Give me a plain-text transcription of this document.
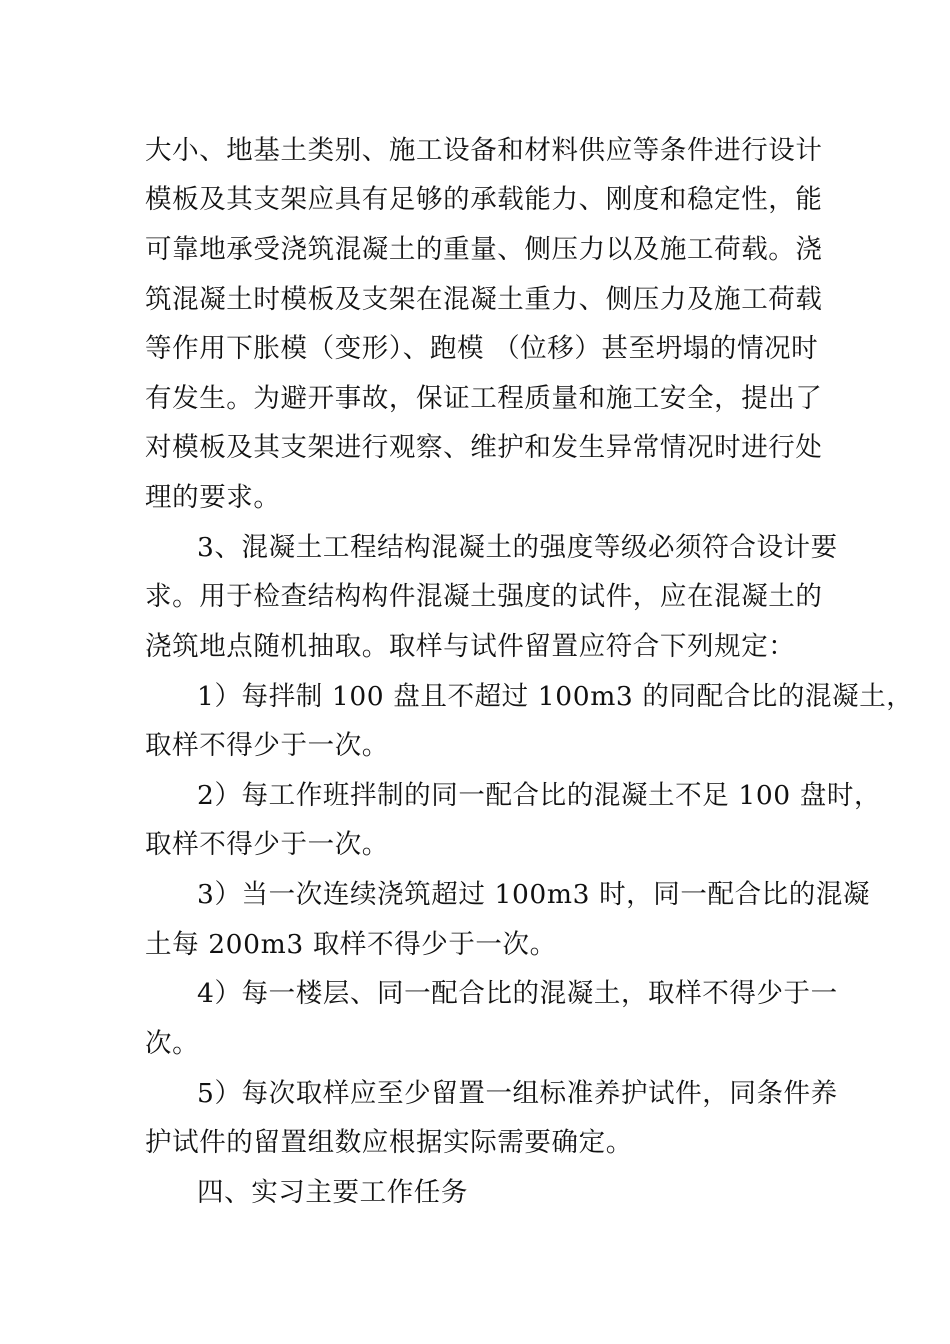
大小、地基土类别、施工设备和材料供应等条件进行设计
模板及其支架应具有足够的承载能力、刚度和稳定性，能
可靠地承受浇筑混凝土的重量、侧压力以及施工荷载。浇
筑混凝土时模板及支架在混凝土重力、侧压力及施工荷载
等作用下胀模（变形）、跑模 （位移）甚至坍塌的情况时
有发生。为避开事故，保证工程质量和施工安全，提出了
对模板及其支架进行观察、维护和发生异常情况时进行处
理的要求。
3、混凝土工程结构混凝土的强度等级必须符合设计要
求。用于检查结构构件混凝土强度的试件，应在混凝土的
浇筑地点随机抽取。取样与试件留置应符合下列规定：
1）每拌制 100 盘且不超过 100m3 的同配合比的混凝土，
取样不得少于一次。
2）每工作班拌制的同一配合比的混凝土不足 100 盘时，
取样不得少于一次。
3）当一次连续浇筑超过 100m3 时，同一配合比的混凝
土每 200m3 取样不得少于一次。
4）每一楼层、同一配合比的混凝土，取样不得少于一
次。
5）每次取样应至少留置一组标准养护试件，同条件养
护试件的留置组数应根据实际需要确定。
四、实习主要工作任务
